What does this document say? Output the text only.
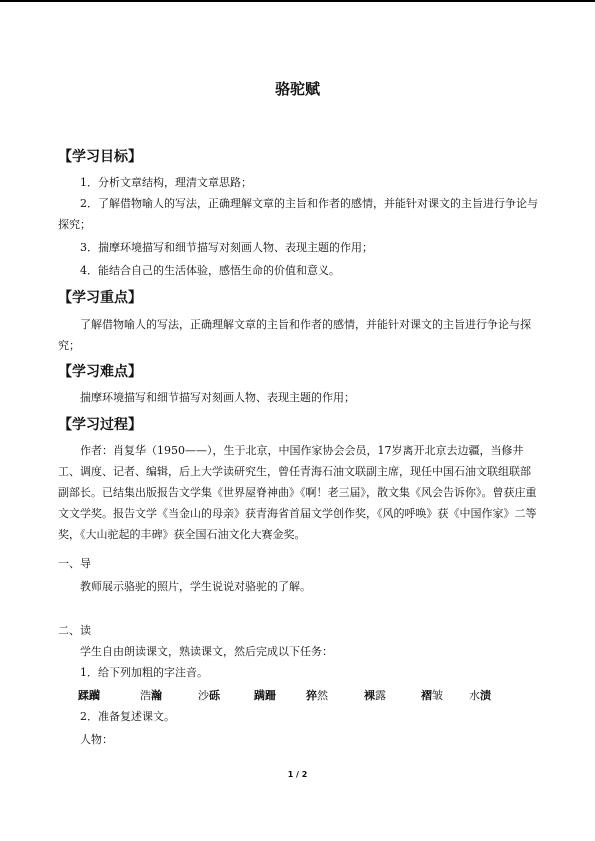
骆驼赋
【学习目标】
1．分析文章结构，理清文章思路；

2．了解借物喻人的写法，正确理解文章的主旨和作者的感情，并能针对课文的主旨进行争论与探究；

3．揣摩环境描写和细节描写对刻画人物、表现主题的作用；
4．能结合自己的生活体验，感悟生命的价值和意义。
【学习重点】

了解借物喻人的写法，正确理解文章的主旨和作者的感情，并能针对课文的主旨进行争论与探究；

【学习难点】
揣摩环境描写和细节描写对刻画人物、表现主题的作用；
【学习过程】

作者：肖复华（1950——），生于北京，中国作家协会会员，17岁离开北京去边疆，当修井工、调度、记者、编辑，后上大学读研究生，曾任青海石油文联副主席，现任中国石油文联组联部副部长。已结集出版报告文学集《世界屋脊神曲》《啊！老三届》，散文集《风会告诉你》。曾获庄重文文学奖。报告文学《当金山的母亲》获青海省首届文学创作奖，《风的呼唤》获《中国作家》二等奖，《大山驼起的丰碑》获全国石油文化大赛金奖。

一、导
教师展示骆驼的照片，学生说说对骆驼的了解。
二、读
学生自由朗读课文，熟读课文，然后完成以下任务：
1．给下列加粗的字注音。
蹂躏	浩瀚	沙砾	蹒跚	猝然	裸露	褶皱 水渍
2．准备复述课文。
人物：
1 / 2
